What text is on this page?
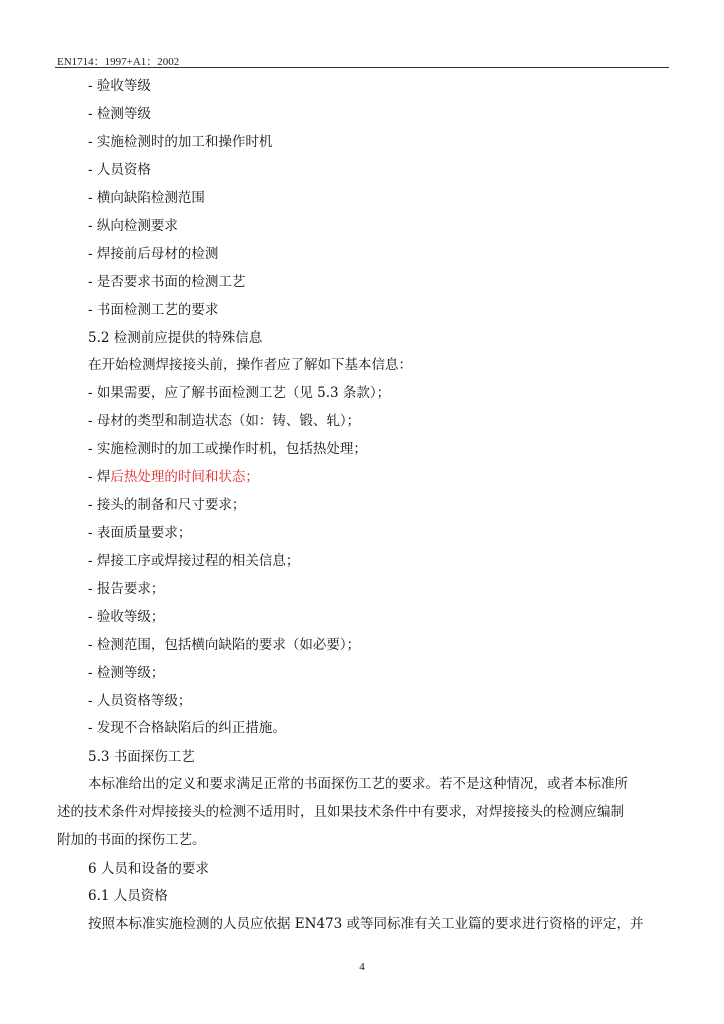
EN1714：1997+A1：2002
- 验收等级
- 检测等级
- 实施检测时的加工和操作时机
- 人员资格
- 横向缺陷检测范围
- 纵向检测要求
- 焊接前后母材的检测
- 是否要求书面的检测工艺
- 书面检测工艺的要求
5.2 检测前应提供的特殊信息
在开始检测焊接接头前，操作者应了解如下基本信息：
- 如果需要，应了解书面检测工艺（见 5.3 条款）；
- 母材的类型和制造状态（如：铸、锻、轧）；
- 实施检测时的加工或操作时机，包括热处理；
- 焊后热处理的时间和状态；
- 接头的制备和尺寸要求；
- 表面质量要求；
- 焊接工序或焊接过程的相关信息；
- 报告要求；
- 验收等级；
- 检测范围，包括横向缺陷的要求（如必要）；
- 检测等级；
- 人员资格等级；
- 发现不合格缺陷后的纠正措施。
5.3 书面探伤工艺
本标准给出的定义和要求满足正常的书面探伤工艺的要求。若不是这种情况，或者本标准所
述的技术条件对焊接接头的检测不适用时，且如果技术条件中有要求，对焊接接头的检测应编制
附加的书面的探伤工艺。
6 人员和设备的要求
6.1 人员资格
按照本标准实施检测的人员应依据 EN473 或等同标准有关工业篇的要求进行资格的评定，并
4
